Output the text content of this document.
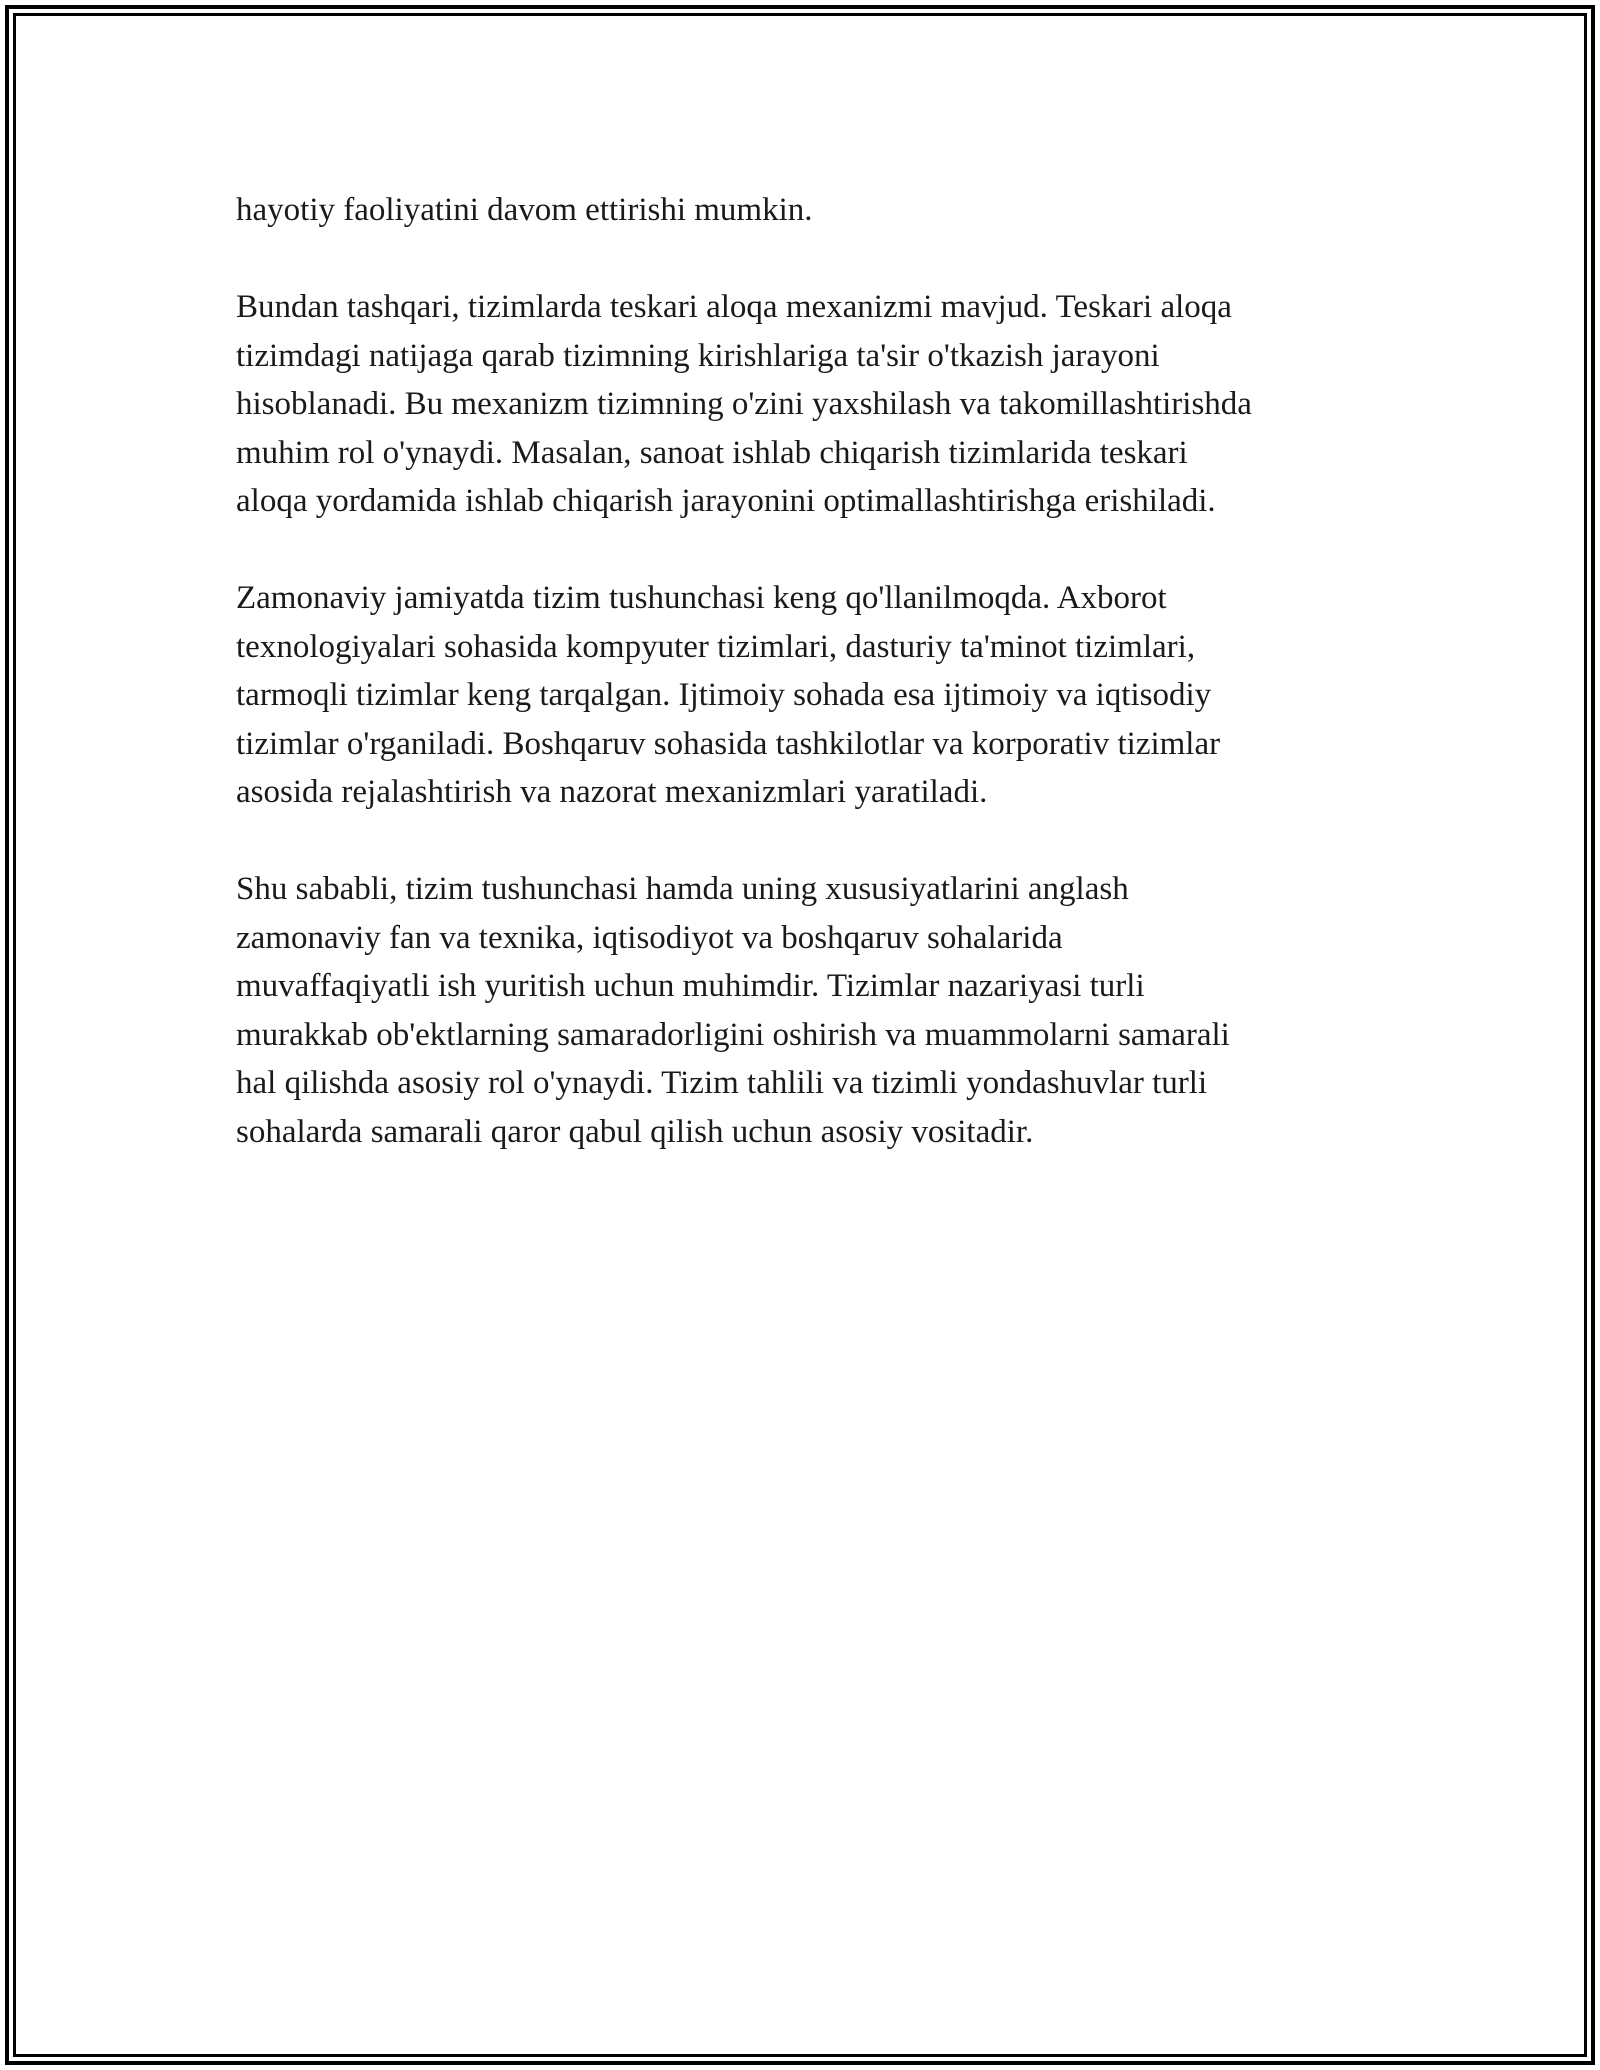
hayotiy faoliyatini davom ettirishi mumkin.

Bundan tashqari, tizimlarda teskari aloqa mexanizmi mavjud. Teskari aloqa
tizimdagi natijaga qarab tizimning kirishlariga ta'sir o'tkazish jarayoni
hisoblanadi. Bu mexanizm tizimning o'zini yaxshilash va takomillashtirishda
muhim rol o'ynaydi. Masalan, sanoat ishlab chiqarish tizimlarida teskari
aloqa yordamida ishlab chiqarish jarayonini optimallashtirishga erishiladi.

Zamonaviy jamiyatda tizim tushunchasi keng qo'llanilmoqda. Axborot
texnologiyalari sohasida kompyuter tizimlari, dasturiy ta'minot tizimlari,
tarmoqli tizimlar keng tarqalgan. Ijtimoiy sohada esa ijtimoiy va iqtisodiy
tizimlar o'rganiladi. Boshqaruv sohasida tashkilotlar va korporativ tizimlar
asosida rejalashtirish va nazorat mexanizmlari yaratiladi.

Shu sababli, tizim tushunchasi hamda uning xususiyatlarini anglash
zamonaviy fan va texnika, iqtisodiyot va boshqaruv sohalarida
muvaffaqiyatli ish yuritish uchun muhimdir. Tizimlar nazariyasi turli
murakkab ob'ektlarning samaradorligini oshirish va muammolarni samarali
hal qilishda asosiy rol o'ynaydi. Tizim tahlili va tizimli yondashuvlar turli
sohalarda samarali qaror qabul qilish uchun asosiy vositadir.
